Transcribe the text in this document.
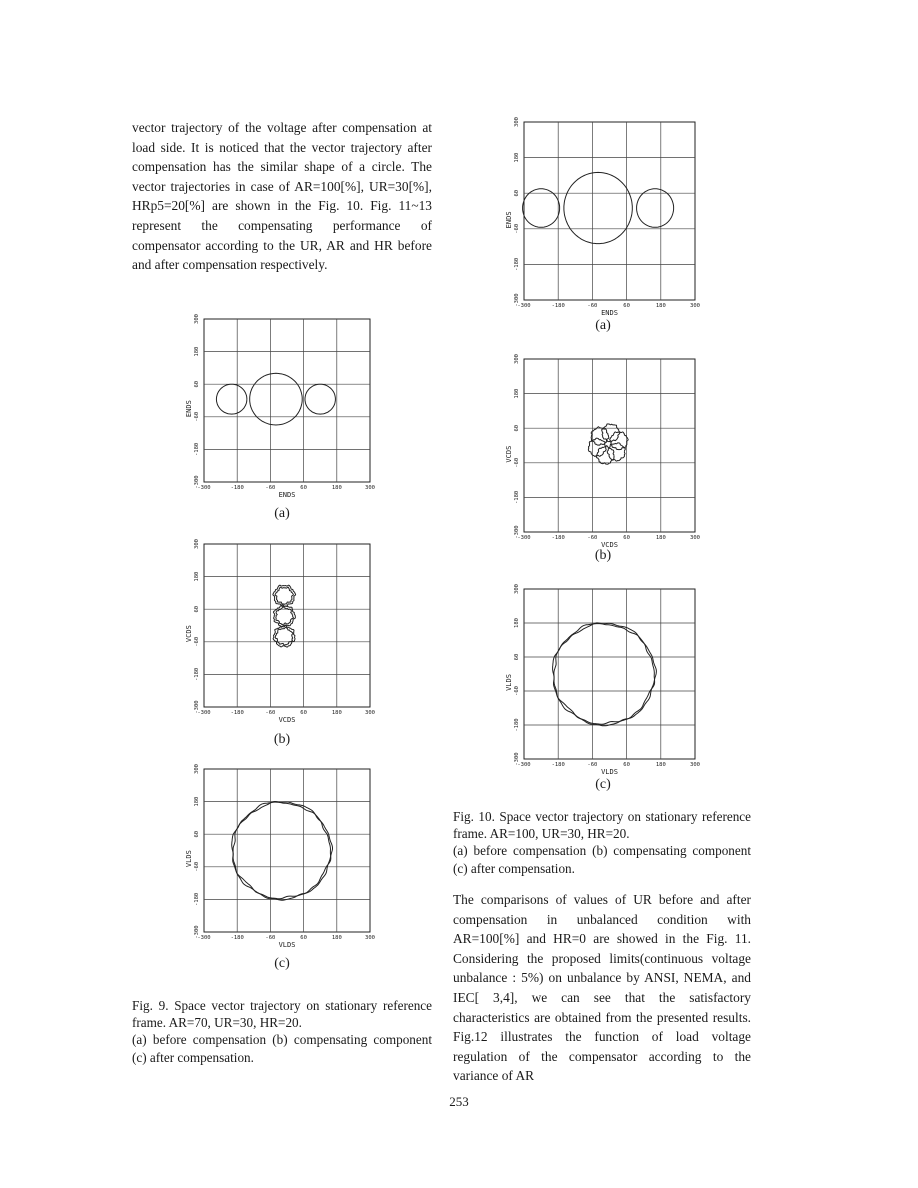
vector trajectory of the voltage after compensation at load side. It is noticed that the vector trajectory after compensation has the similar shape of a circle. The vector trajectories in case of AR=100[%], UR=30[%], HRp5=20[%] are shown in the Fig. 10. Fig. 11~13 represent the compensating performance of compensator according to the UR, AR and HR before and after compensation respectively.

-300
-300	-180
-180
-60
-60
60
60
180
180
300
300
ENDS
ENDS
(a)
-300
-300	-180
-180
-60
-60
60
60
180
180
300
300
VCDS
VCDS
(b)
-300
-300	-180
-180
-60
-60
60
60
180
180
300
300
VLDS
VLDS
(c)
Fig. 9. Space vector trajectory on stationary reference frame. AR=70, UR=30, HR=20.
(a) before compensation (b) compensating component (c) after compensation.
-300
-300	-180
-180
-60
-60
60
60
180
180
300
300
ENDS
ENDS
(a)
-300
-300	-180
-180
-60
-60
60
60
180
180
300
300
VCDS
VCDS
(b)
-300
-300	-180
-180
-60
-60
60
60
180
180
300
300
VLDS
VLDS
(c)
Fig. 10. Space vector trajectory on stationary reference frame. AR=100, UR=30, HR=20.
(a) before compensation (b) compensating component (c) after compensation.

The comparisons of values of UR before and after compensation in unbalanced condition with AR=100[%] and HR=0 are showed in the Fig. 11. Considering the proposed limits(continuous voltage unbalance : 5%) on unbalance by ANSI, NEMA, and IEC[ 3,4], we can see that the satisfactory characteristics are obtained from the presented results. Fig.12 illustrates the function of load voltage regulation of the compensator according to the variance of AR

253
